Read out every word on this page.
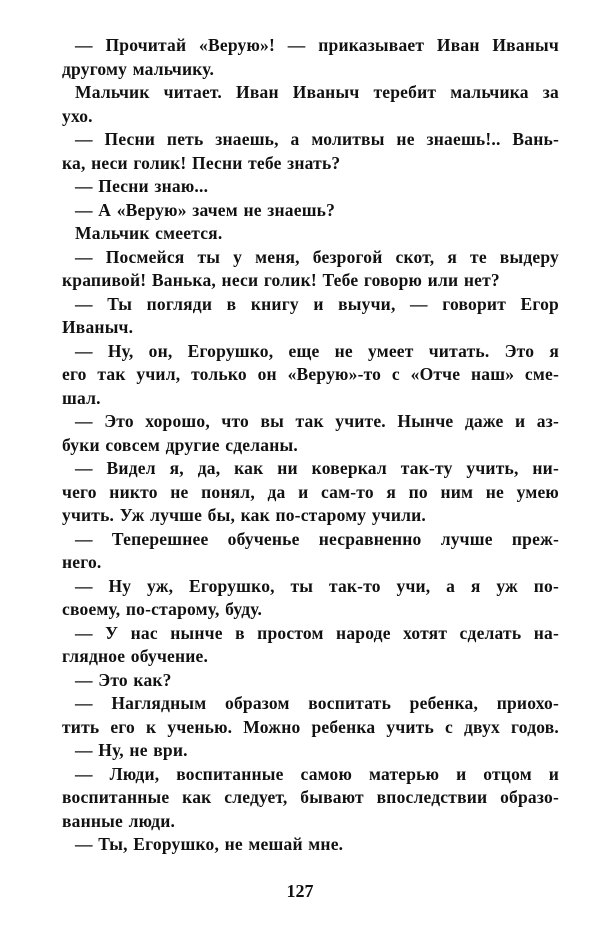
— Прочитай «Верую»! — приказывает Иван Иваныч
другому мальчику.
Мальчик читает. Иван Иваныч теребит мальчика за
ухо.
— Песни петь знаешь, а молитвы не знаешь!.. Вань-
ка, неси голик! Песни тебе знать?
— Песни знаю...
— А «Верую» зачем не знаешь?
Мальчик смеется.
— Посмейся ты у меня, безрогой скот, я те выдеру
крапивой! Ванька, неси голик! Тебе говорю или нет?
— Ты погляди в книгу и выучи, — говорит Егор
Иваныч.
— Ну, он, Егорушко, еще не умеет читать. Это я
его так учил, только он «Верую»-то с «Отче наш» сме-
шал.
— Это хорошо, что вы так учите. Нынче даже и аз-
буки совсем другие сделаны.
— Видел я, да, как ни коверкал так-ту учить, ни-
чего никто не понял, да и сам-то я по ним не умею
учить. Уж лучше бы, как по-старому учили.
— Теперешнее обученье несравненно лучше преж-
него.
— Ну уж, Егорушко, ты так-то учи, а я уж по-
своему, по-старому, буду.
— У нас нынче в простом народе хотят сделать на-
глядное обучение.
— Это как?
— Наглядным образом воспитать ребенка, приохо-
тить его к ученью. Можно ребенка учить с двух годов.
— Ну, не ври.
— Люди, воспитанные самою матерью и отцом и
воспитанные как следует, бывают впоследствии образо-
ванные люди.
— Ты, Егорушко, не мешай мне.
127
